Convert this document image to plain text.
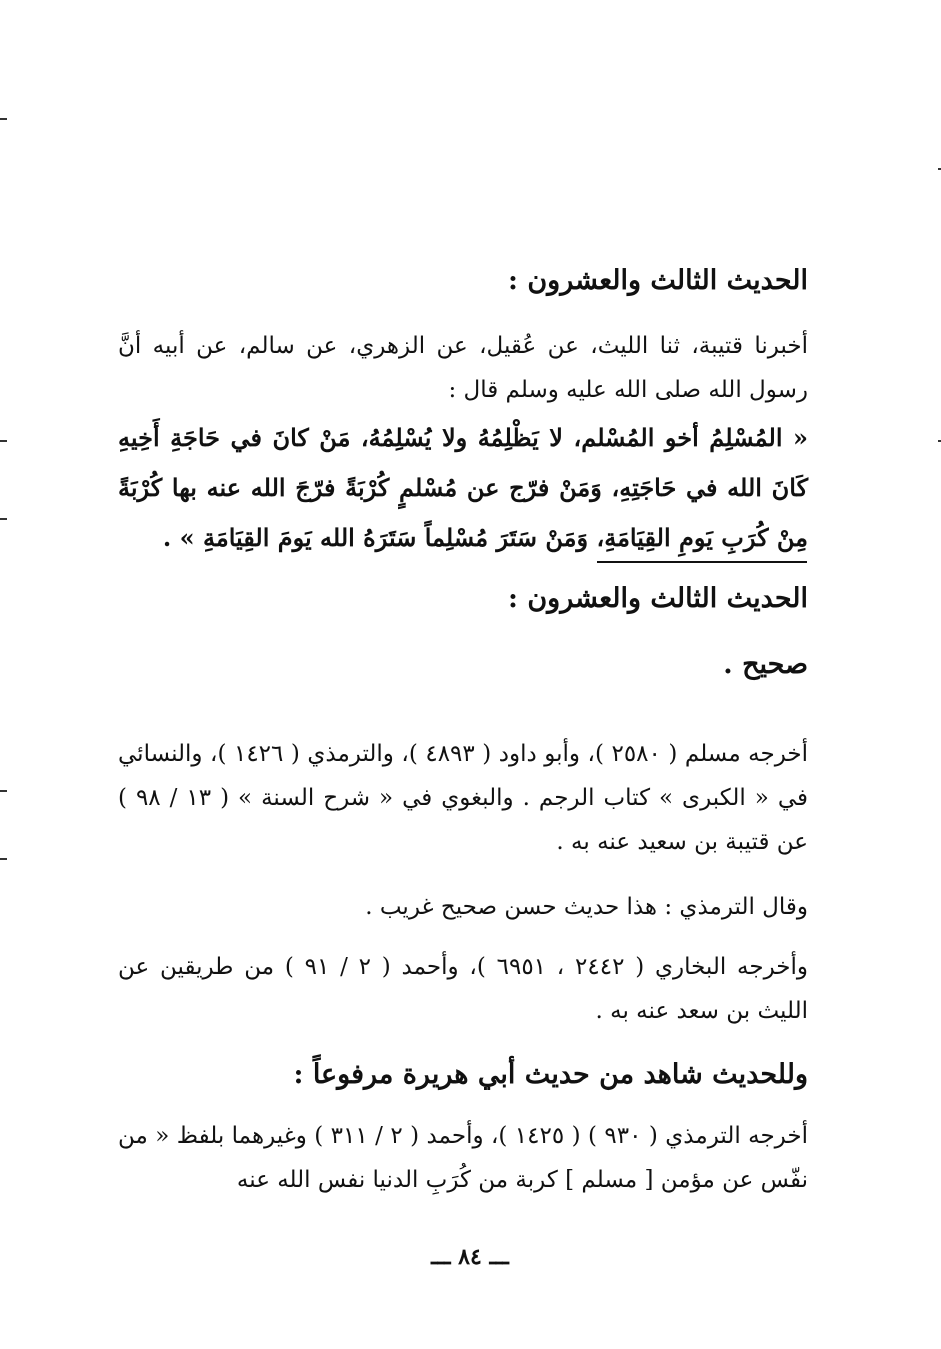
الحديث الثالث والعشرون :

أخبرنا قتيبة، ثنا الليث، عن عُقيل، عن الزهري، عن سالم، عن أبيه أنَّ رسول الله صلى الله عليه وسلم قال :

« المُسْلِمُ أخو المُسْلم، لا يَظْلِمُهُ ولا يُسْلِمُهُ، مَنْ كانَ في حَاجَةِ أَخِيهِ كَانَ الله في حَاجَتِهِ، وَمَنْ فرّج عن مُسْلمٍ كُرْبَةً فرّجَ الله عنه بها كُرْبَةً مِنْ كُرَبِ يَومِ القِيَامَةِ، وَمَنْ سَتَرَ مُسْلِماً سَتَرَهُ الله يَومَ القِيَامَةِ » .

الحديث الثالث والعشرون :

صحيح .

أخرجه مسلم ( ٢٥٨٠ )، وأبو داود ( ٤٨٩٣ )، والترمذي ( ١٤٢٦ )، والنسائي في « الكبرى » كتاب الرجم . والبغوي في « شرح السنة » ( ١٣ / ٩٨ ) عن قتيبة بن سعيد عنه به .

وقال الترمذي : هذا حديث حسن صحيح غريب .

وأخرجه البخاري ( ٢٤٤٢ ، ٦٩٥١ )، وأحمد ( ٢ / ٩١ ) من طريقين عن الليث بن سعد عنه به .

وللحديث شاهد من حديث أبي هريرة مرفوعاً :

أخرجه الترمذي ( ٩٣٠ ) ( ١٤٢٥ )، وأحمد ( ٢ / ٣١١ ) وغيرهما بلفظ « من نفّس عن مؤمن [ مسلم ] كربة من كُرَبِ الدنيا نفس الله عنه

ـــ ٨٤ ـــ
